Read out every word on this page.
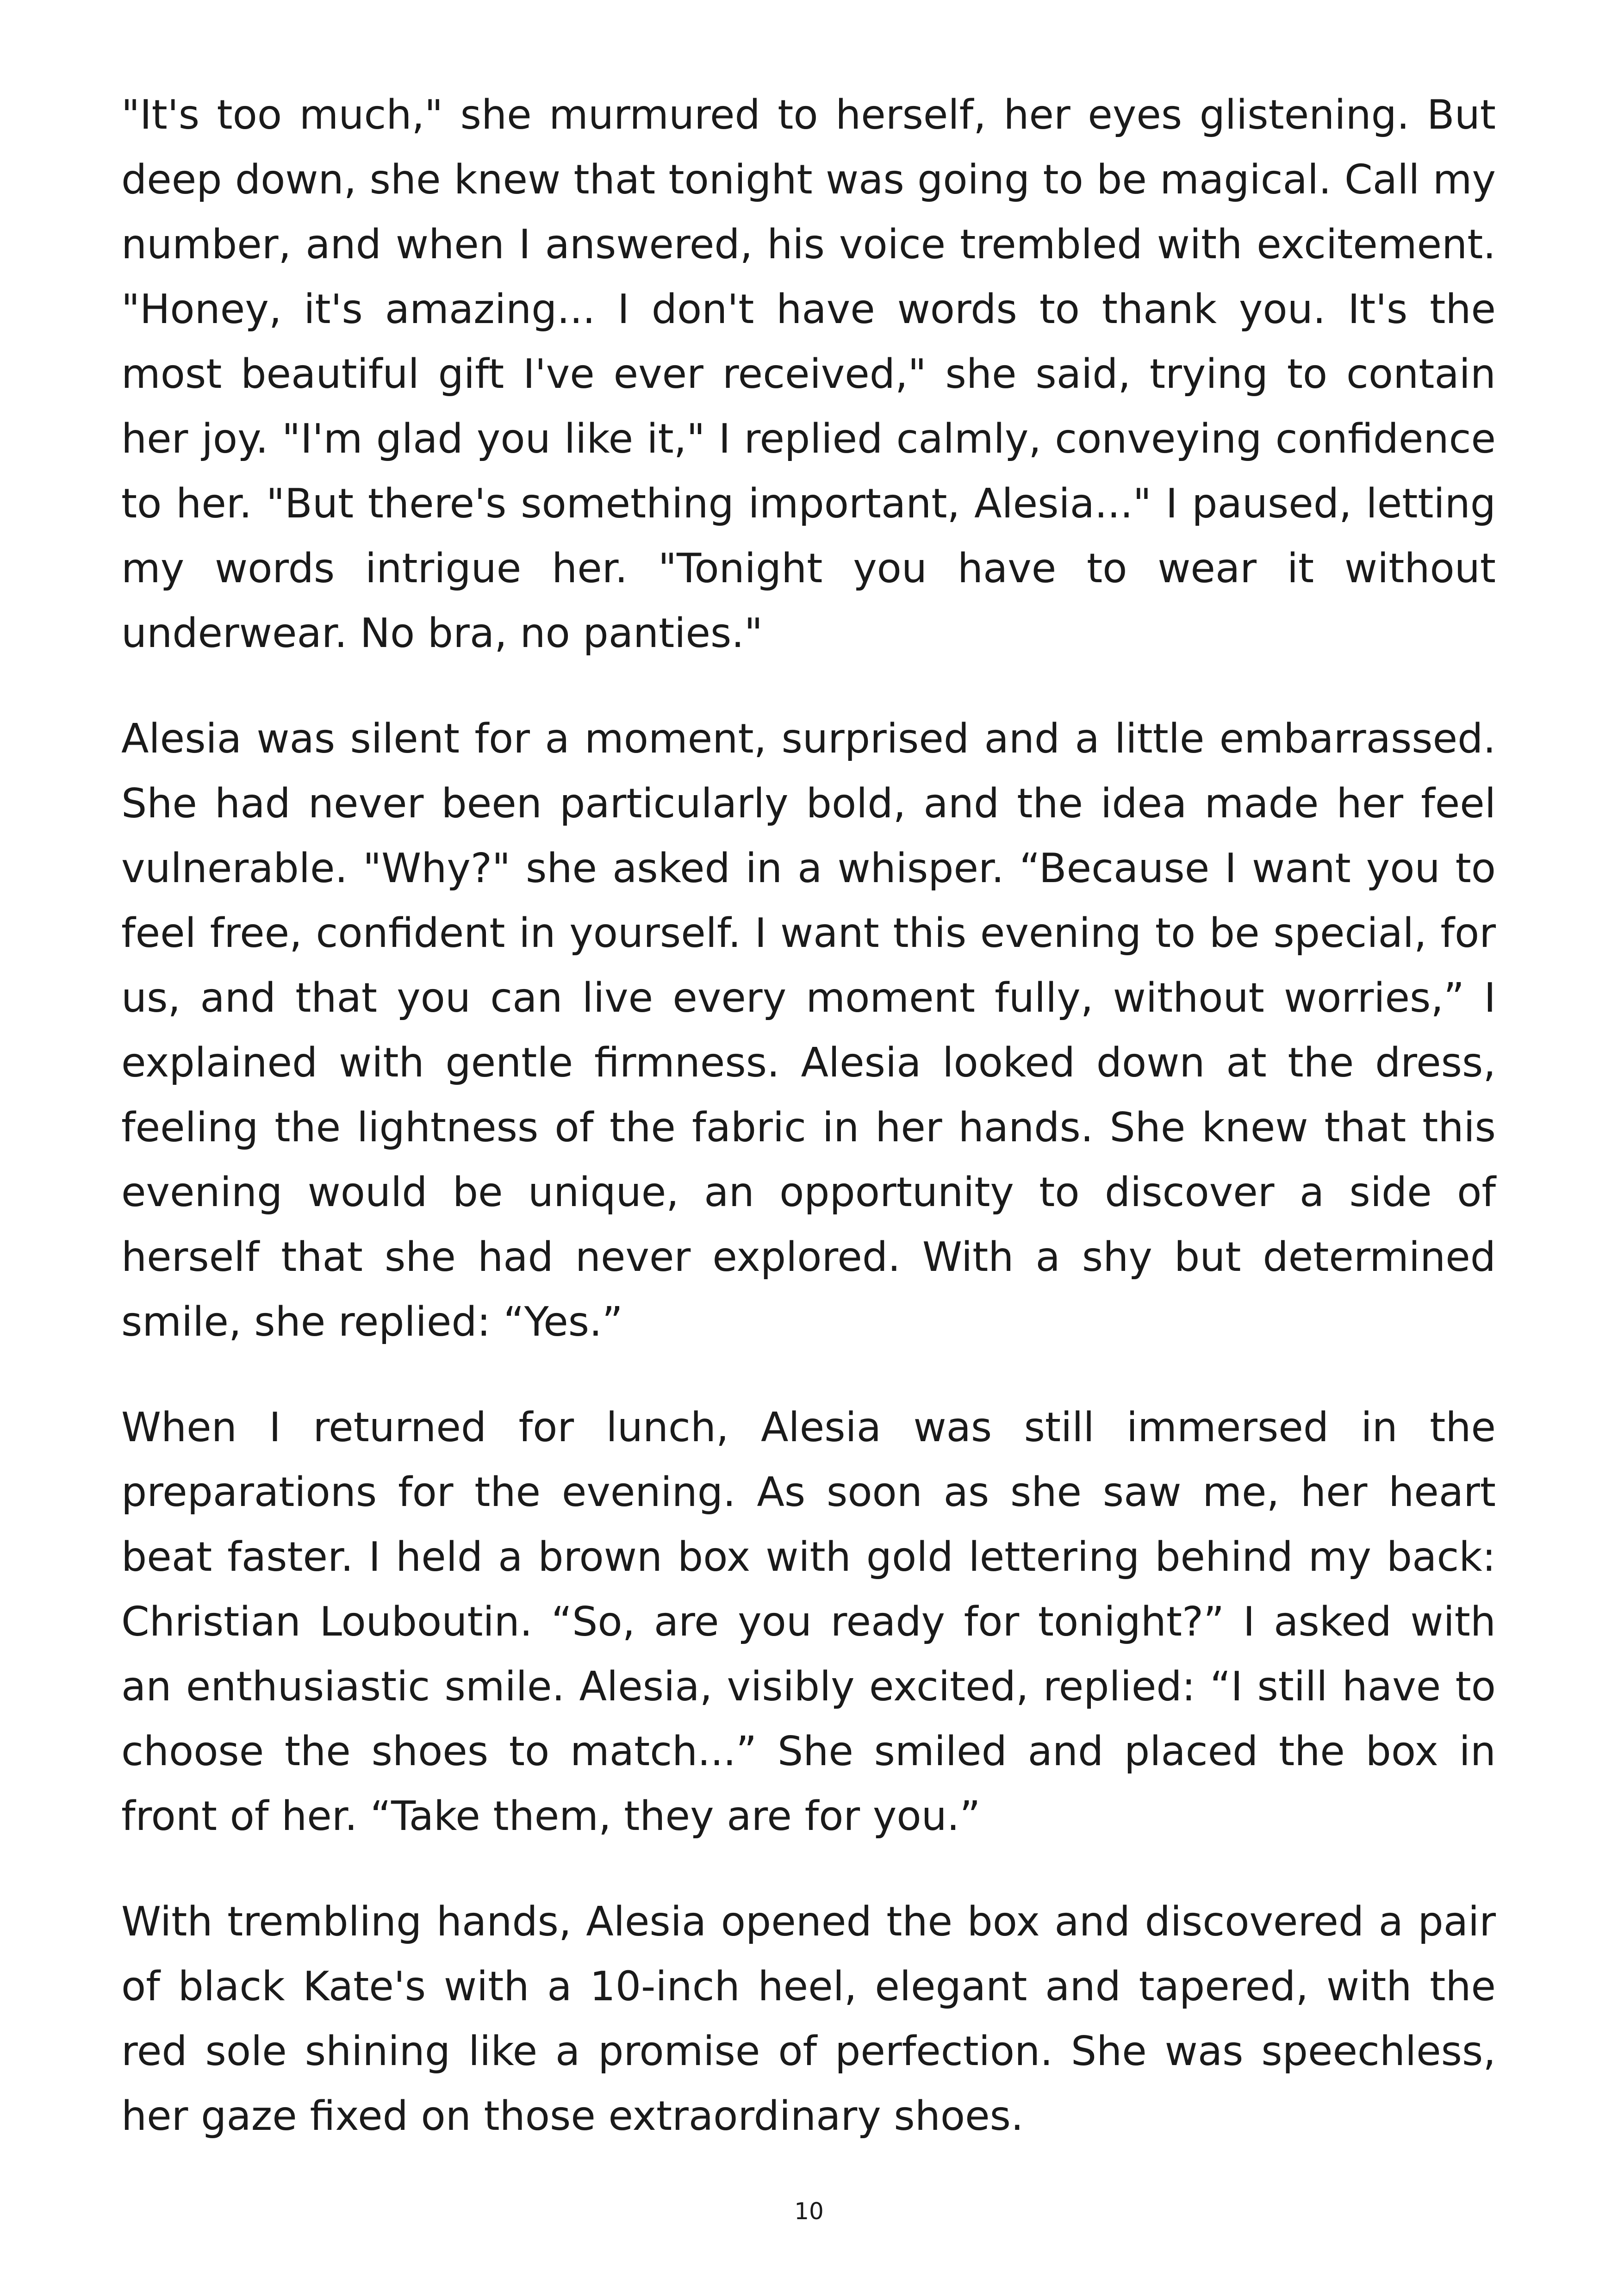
"It's too much," she murmured to herself, her eyes glistening. But deep down, she knew that tonight was going to be magical. Call my number, and when I answered, his voice trembled with excitement. "Honey, it's amazing... I don't have words to thank you. It's the most beautiful gift I've ever received," she said, trying to contain her joy. "I'm glad you like it," I replied calmly, conveying confidence to her. "But there's something important, Alesia..." I paused, letting my words intrigue her. "Tonight you have to wear it without underwear. No bra, no panties."

Alesia was silent for a moment, surprised and a little embarrassed. She had never been particularly bold, and the idea made her feel vulnerable. "Why?" she asked in a whisper. “Because I want you to feel free, confident in yourself. I want this evening to be special, for us, and that you can live every moment fully, without worries,” I explained with gentle firmness. Alesia looked down at the dress, feeling the lightness of the fabric in her hands. She knew that this evening would be unique, an opportunity to discover a side of herself that she had never explored. With a shy but determined smile, she replied: “Yes.”

When I returned for lunch, Alesia was still immersed in the preparations for the evening. As soon as she saw me, her heart beat faster. I held a brown box with gold lettering behind my back: Christian Louboutin. “So, are you ready for tonight?” I asked with an enthusiastic smile. Alesia, visibly excited, replied: “I still have to choose the shoes to match...” She smiled and placed the box in front of her. “Take them, they are for you.”

With trembling hands, Alesia opened the box and discovered a pair of black Kate's with a 10-inch heel, elegant and tapered, with the red sole shining like a promise of perfection. She was speechless, her gaze fixed on those extraordinary shoes.

10
